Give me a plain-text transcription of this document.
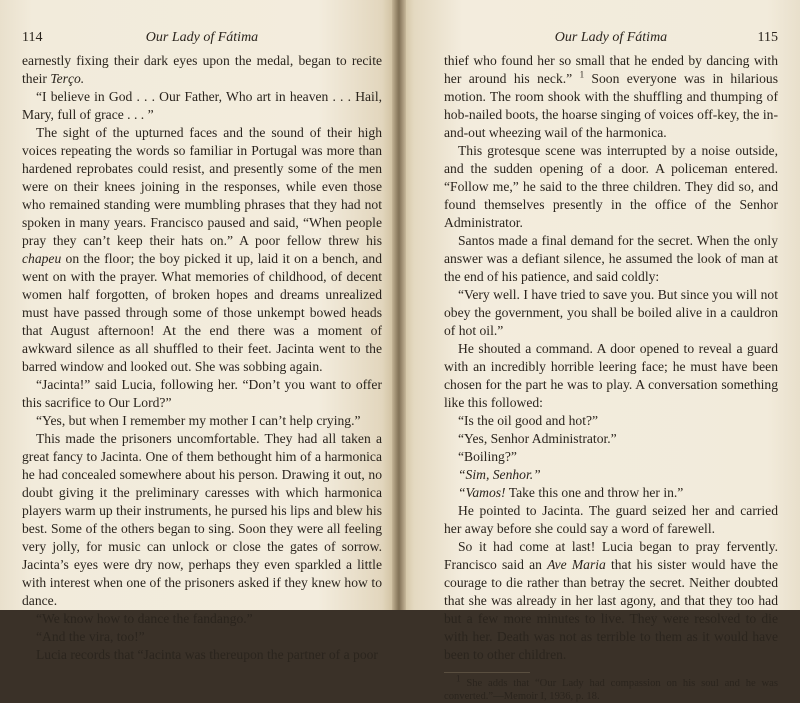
114	Our Lady of Fátima

earnestly fixing their dark eyes upon the medal, began to recite their Terço.

“I believe in God . . . Our Father, Who art in heaven . . . Hail, Mary, full of grace . . . ”

The sight of the upturned faces and the sound of their high voices repeating the words so familiar in Portugal was more than hardened reprobates could resist, and presently some of the men were on their knees joining in the responses, while even those who remained standing were mumbling phrases that they had not spoken in many years. Francisco paused and said, “When people pray they can’t keep their hats on.” A poor fellow threw his chapeu on the floor; the boy picked it up, laid it on a bench, and went on with the prayer. What memories of childhood, of decent women half forgotten, of broken hopes and dreams unrealized must have passed through some of those unkempt bowed heads that August afternoon! At the end there was a moment of awkward silence as all shuffled to their feet. Jacinta went to the barred window and looked out. She was sobbing again.

“Jacinta!” said Lucia, following her. “Don’t you want to offer this sacrifice to Our Lord?”

“Yes, but when I remember my mother I can’t help crying.”

This made the prisoners uncomfortable. They had all taken a great fancy to Jacinta. One of them bethought him of a harmonica he had concealed somewhere about his person. Drawing it out, no doubt giving it the preliminary caresses with which harmonica players warm up their instruments, he pursed his lips and blew his best. Some of the others began to sing. Soon they were all feeling very jolly, for music can unlock or close the gates of sorrow. Jacinta’s eyes were dry now, perhaps they even sparkled a little with interest when one of the prisoners asked if they knew how to dance.

“We know how to dance the fandango.”

“And the vira, too!”

Lucia records that “Jacinta was thereupon the partner of a poor

Our Lady of Fátima	115

thief who found her so small that he ended by dancing with her around his neck.” $^1$ Soon everyone was in hilarious motion. The room shook with the shuffling and thumping of hob-nailed boots, the hoarse singing of voices off-key, the in-and-out wheezing wail of the harmonica.

This grotesque scene was interrupted by a noise outside, and the sudden opening of a door. A policeman entered. “Follow me,” he said to the three children. They did so, and found themselves presently in the office of the Senhor Administrator.

Santos made a final demand for the secret. When the only answer was a defiant silence, he assumed the look of man at the end of his patience, and said coldly:

“Very well. I have tried to save you. But since you will not obey the government, you shall be boiled alive in a cauldron of hot oil.”

He shouted a command. A door opened to reveal a guard with an incredibly horrible leering face; he must have been chosen for the part he was to play. A conversation something like this followed:

“Is the oil good and hot?”

“Yes, Senhor Administrator.”

“Boiling?”

“Sim, Senhor.”

“Vamos! Take this one and throw her in.”

He pointed to Jacinta. The guard seized her and carried her away before she could say a word of farewell.

So it had come at last! Lucia began to pray fervently. Francisco said an Ave Maria that his sister would have the courage to die rather than betray the secret. Neither doubted that she was already in her last agony, and that they too had but a few more minutes to live. They were resolved to die with her. Death was not as terrible to them as it would have been to other children.

$^1$ She adds that “Our Lady had compassion on his soul and he was converted.”—Memoir I, 1936, p. 18.
